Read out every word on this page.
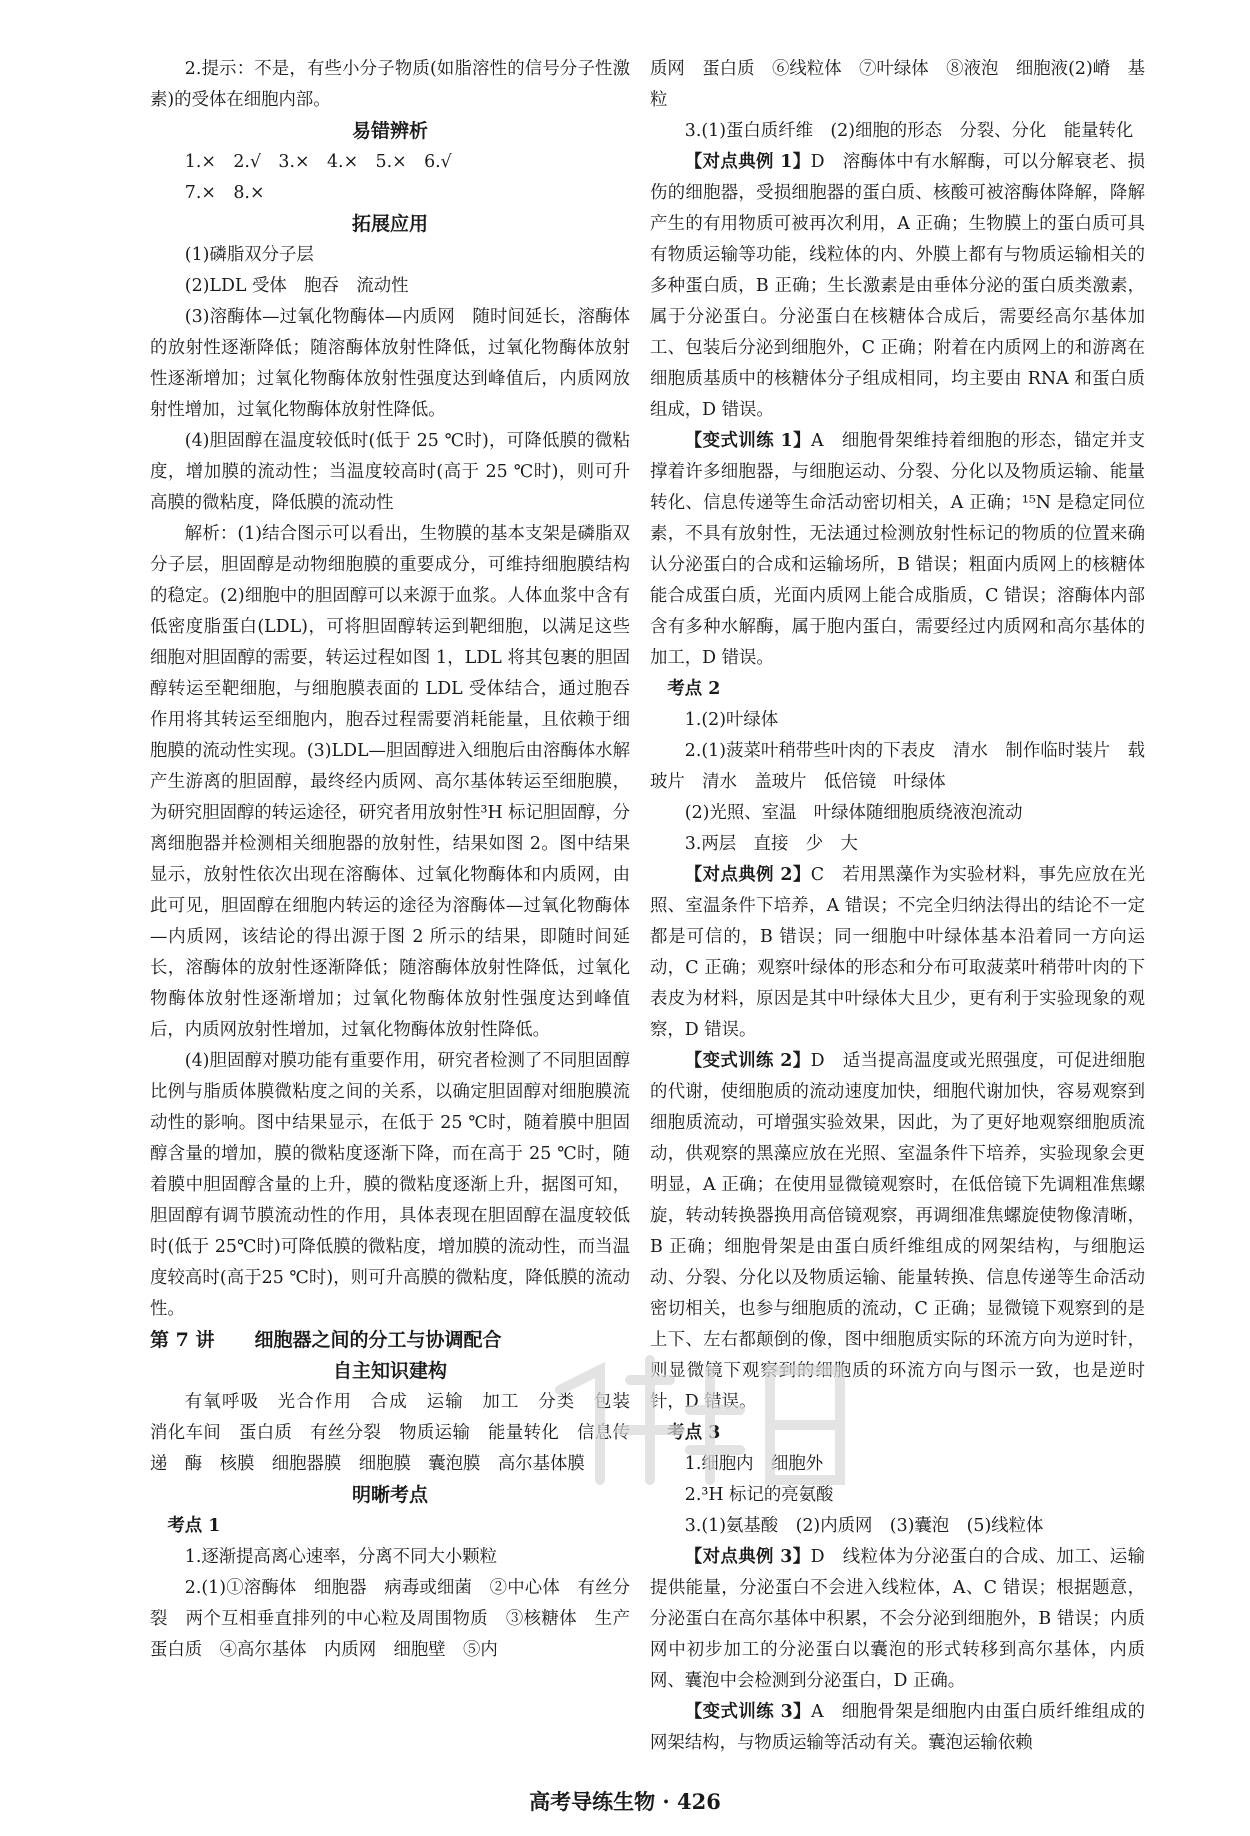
2.提示：不是，有些小分子物质(如脂溶性的信号分子性激素)的受体在细胞内部。

易错辨析

1.×　2.√　3.×　4.×　5.×　6.√

7.×　8.×

拓展应用

(1)磷脂双分子层

(2)LDL 受体　胞吞　流动性

(3)溶酶体—过氧化物酶体—内质网　随时间延长，溶酶体的放射性逐渐降低；随溶酶体放射性降低，过氧化物酶体放射性逐渐增加；过氧化物酶体放射性强度达到峰值后，内质网放射性增加，过氧化物酶体放射性降低。

(4)胆固醇在温度较低时(低于 25 ℃时)，可降低膜的微粘度，增加膜的流动性；当温度较高时(高于 25 ℃时)，则可升高膜的微粘度，降低膜的流动性

解析：(1)结合图示可以看出，生物膜的基本支架是磷脂双分子层，胆固醇是动物细胞膜的重要成分，可维持细胞膜结构的稳定。(2)细胞中的胆固醇可以来源于血浆。人体血浆中含有低密度脂蛋白(LDL)，可将胆固醇转运到靶细胞，以满足这些细胞对胆固醇的需要，转运过程如图 1，LDL 将其包裹的胆固醇转运至靶细胞，与细胞膜表面的 LDL 受体结合，通过胞吞作用将其转运至细胞内，胞吞过程需要消耗能量，且依赖于细胞膜的流动性实现。(3)LDL—胆固醇进入细胞后由溶酶体水解产生游离的胆固醇，最终经内质网、高尔基体转运至细胞膜，为研究胆固醇的转运途径，研究者用放射性³H 标记胆固醇，分离细胞器并检测相关细胞器的放射性，结果如图 2。图中结果显示，放射性依次出现在溶酶体、过氧化物酶体和内质网，由此可见，胆固醇在细胞内转运的途径为溶酶体—过氧化物酶体—内质网，该结论的得出源于图 2 所示的结果，即随时间延长，溶酶体的放射性逐渐降低；随溶酶体放射性降低，过氧化物酶体放射性逐渐增加；过氧化物酶体放射性强度达到峰值后，内质网放射性增加，过氧化物酶体放射性降低。

(4)胆固醇对膜功能有重要作用，研究者检测了不同胆固醇比例与脂质体膜微粘度之间的关系，以确定胆固醇对细胞膜流动性的影响。图中结果显示，在低于 25 ℃时，随着膜中胆固醇含量的增加，膜的微粘度逐渐下降，而在高于 25 ℃时，随着膜中胆固醇含量的上升，膜的微粘度逐渐上升，据图可知，胆固醇有调节膜流动性的作用，具体表现在胆固醇在温度较低时(低于 25℃时)可降低膜的微粘度，增加膜的流动性，而当温度较高时(高于25 ℃时)，则可升高膜的微粘度，降低膜的流动性。

第 7 讲 细胞器之间的分工与协调配合

自主知识建构

有氧呼吸　光合作用　合成　运输　加工　分类　包装　消化车间　蛋白质　有丝分裂　物质运输　能量转化　信息传递　酶　核膜　细胞器膜　细胞膜　囊泡膜　高尔基体膜

明晰考点

考点 1

1.逐渐提高离心速率，分离不同大小颗粒

2.(1)①溶酶体　细胞器　病毒或细菌　②中心体　有丝分裂　两个互相垂直排列的中心粒及周围物质　③核糖体　生产蛋白质　④高尔基体　内质网　细胞壁　⑤内

质网　蛋白质　⑥线粒体　⑦叶绿体　⑧液泡　细胞液(2)嵴　基粒

3.(1)蛋白质纤维　(2)细胞的形态　分裂、分化　能量转化

【对点典例 1】D　溶酶体中有水解酶，可以分解衰老、损伤的细胞器，受损细胞器的蛋白质、核酸可被溶酶体降解，降解产生的有用物质可被再次利用，A 正确；生物膜上的蛋白质可具有物质运输等功能，线粒体的内、外膜上都有与物质运输相关的多种蛋白质，B 正确；生长激素是由垂体分泌的蛋白质类激素，属于分泌蛋白。分泌蛋白在核糖体合成后，需要经高尔基体加工、包装后分泌到细胞外，C 正确；附着在内质网上的和游离在细胞质基质中的核糖体分子组成相同，均主要由 RNA 和蛋白质组成，D 错误。

【变式训练 1】A　细胞骨架维持着细胞的形态，锚定并支撑着许多细胞器，与细胞运动、分裂、分化以及物质运输、能量转化、信息传递等生命活动密切相关，A 正确；¹⁵N 是稳定同位素，不具有放射性，无法通过检测放射性标记的物质的位置来确认分泌蛋白的合成和运输场所，B 错误；粗面内质网上的核糖体能合成蛋白质，光面内质网上能合成脂质，C 错误；溶酶体内部含有多种水解酶，属于胞内蛋白，需要经过内质网和高尔基体的加工，D 错误。

考点 2

1.(2)叶绿体

2.(1)菠菜叶稍带些叶肉的下表皮　清水　制作临时装片　载玻片　清水　盖玻片　低倍镜　叶绿体

(2)光照、室温　叶绿体随细胞质绕液泡流动

3.两层　直接　少　大

【对点典例 2】C　若用黑藻作为实验材料，事先应放在光照、室温条件下培养，A 错误；不完全归纳法得出的结论不一定都是可信的，B 错误；同一细胞中叶绿体基本沿着同一方向运动，C 正确；观察叶绿体的形态和分布可取菠菜叶稍带叶肉的下表皮为材料，原因是其中叶绿体大且少，更有利于实验现象的观察，D 错误。

【变式训练 2】D　适当提高温度或光照强度，可促进细胞的代谢，使细胞质的流动速度加快，细胞代谢加快，容易观察到细胞质流动，可增强实验效果，因此，为了更好地观察细胞质流动，供观察的黑藻应放在光照、室温条件下培养，实验现象会更明显，A 正确；在使用显微镜观察时，在低倍镜下先调粗准焦螺旋，转动转换器换用高倍镜观察，再调细准焦螺旋使物像清晰，B 正确；细胞骨架是由蛋白质纤维组成的网架结构，与细胞运动、分裂、分化以及物质运输、能量转换、信息传递等生命活动密切相关，也参与细胞质的流动，C 正确；显微镜下观察到的是上下、左右都颠倒的像，图中细胞质实际的环流方向为逆时针，则显微镜下观察到的细胞质的环流方向与图示一致，也是逆时针，D 错误。

考点 3

1.细胞内　细胞外

2.³H 标记的亮氨酸

3.(1)氨基酸　(2)内质网　(3)囊泡　(5)线粒体

【对点典例 3】D　线粒体为分泌蛋白的合成、加工、运输提供能量，分泌蛋白不会进入线粒体，A、C 错误；根据题意，分泌蛋白在高尔基体中积累，不会分泌到细胞外，B 错误；内质网中初步加工的分泌蛋白以囊泡的形式转移到高尔基体，内质网、囊泡中会检测到分泌蛋白，D 正确。

【变式训练 3】A　细胞骨架是细胞内由蛋白质纤维组成的网架结构，与物质运输等活动有关。囊泡运输依赖

高考导练生物 · 426
